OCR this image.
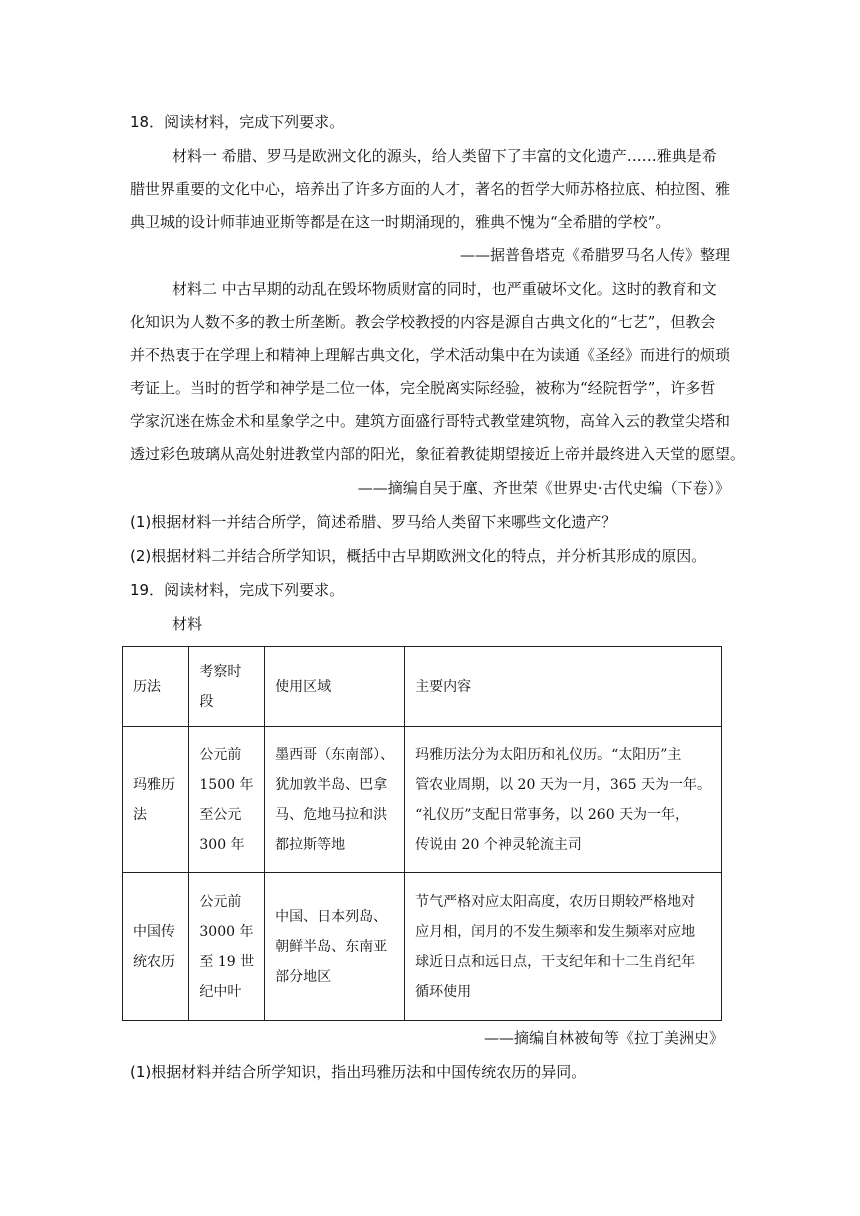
18．阅读材料，完成下列要求。
材料一 希腊、罗马是欧洲文化的源头，给人类留下了丰富的文化遗产……雅典是希
腊世界重要的文化中心，培养出了许多方面的人才，著名的哲学大师苏格拉底、柏拉图、雅
典卫城的设计师菲迪亚斯等都是在这一时期涌现的，雅典不愧为“全希腊的学校”。
——据普鲁塔克《希腊罗马名人传》整理
材料二 中古早期的动乱在毁坏物质财富的同时，也严重破坏文化。这时的教育和文
化知识为人数不多的教士所垄断。教会学校教授的内容是源自古典文化的“七艺”，但教会
并不热衷于在学理上和精神上理解古典文化，学术活动集中在为读通《圣经》而进行的烦琐
考证上。当时的哲学和神学是二位一体，完全脱离实际经验，被称为“经院哲学”，许多哲
学家沉迷在炼金术和星象学之中。建筑方面盛行哥特式教堂建筑物，高耸入云的教堂尖塔和
透过彩色玻璃从高处射进教堂内部的阳光，象征着教徒期望接近上帝并最终进入天堂的愿望。
——摘编自吴于廑、齐世荣《世界史·古代史编（下卷）》
(1)根据材料一并结合所学，简述希腊、罗马给人类留下来哪些文化遗产？
(2)根据材料二并结合所学知识，概括中古早期欧洲文化的特点，并分析其形成的原因。
19．阅读材料，完成下列要求。
材料
历法	考察时
段	使用区域	主要内容

玛雅历
法	公元前
1500 年
至公元
300 年	墨西哥（东南部）、
犹加敦半岛、巴拿
马、危地马拉和洪
都拉斯等地	玛雅历法分为太阳历和礼仪历。“太阳历”主
管农业周期，以 20 天为一月，365 天为一年。
“礼仪历”支配日常事务，以 260 天为一年，
传说由 20 个神灵轮流主司

中国传
统农历	公元前
3000 年
至 19 世
纪中叶	中国、日本列岛、
朝鲜半岛、东南亚
部分地区	节气严格对应太阳高度，农历日期较严格地对
应月相，闰月的不发生频率和发生频率对应地
球近日点和远日点，干支纪年和十二生肖纪年
循环使用
——摘编自林被甸等《拉丁美洲史》
(1)根据材料并结合所学知识，指出玛雅历法和中国传统农历的异同。
